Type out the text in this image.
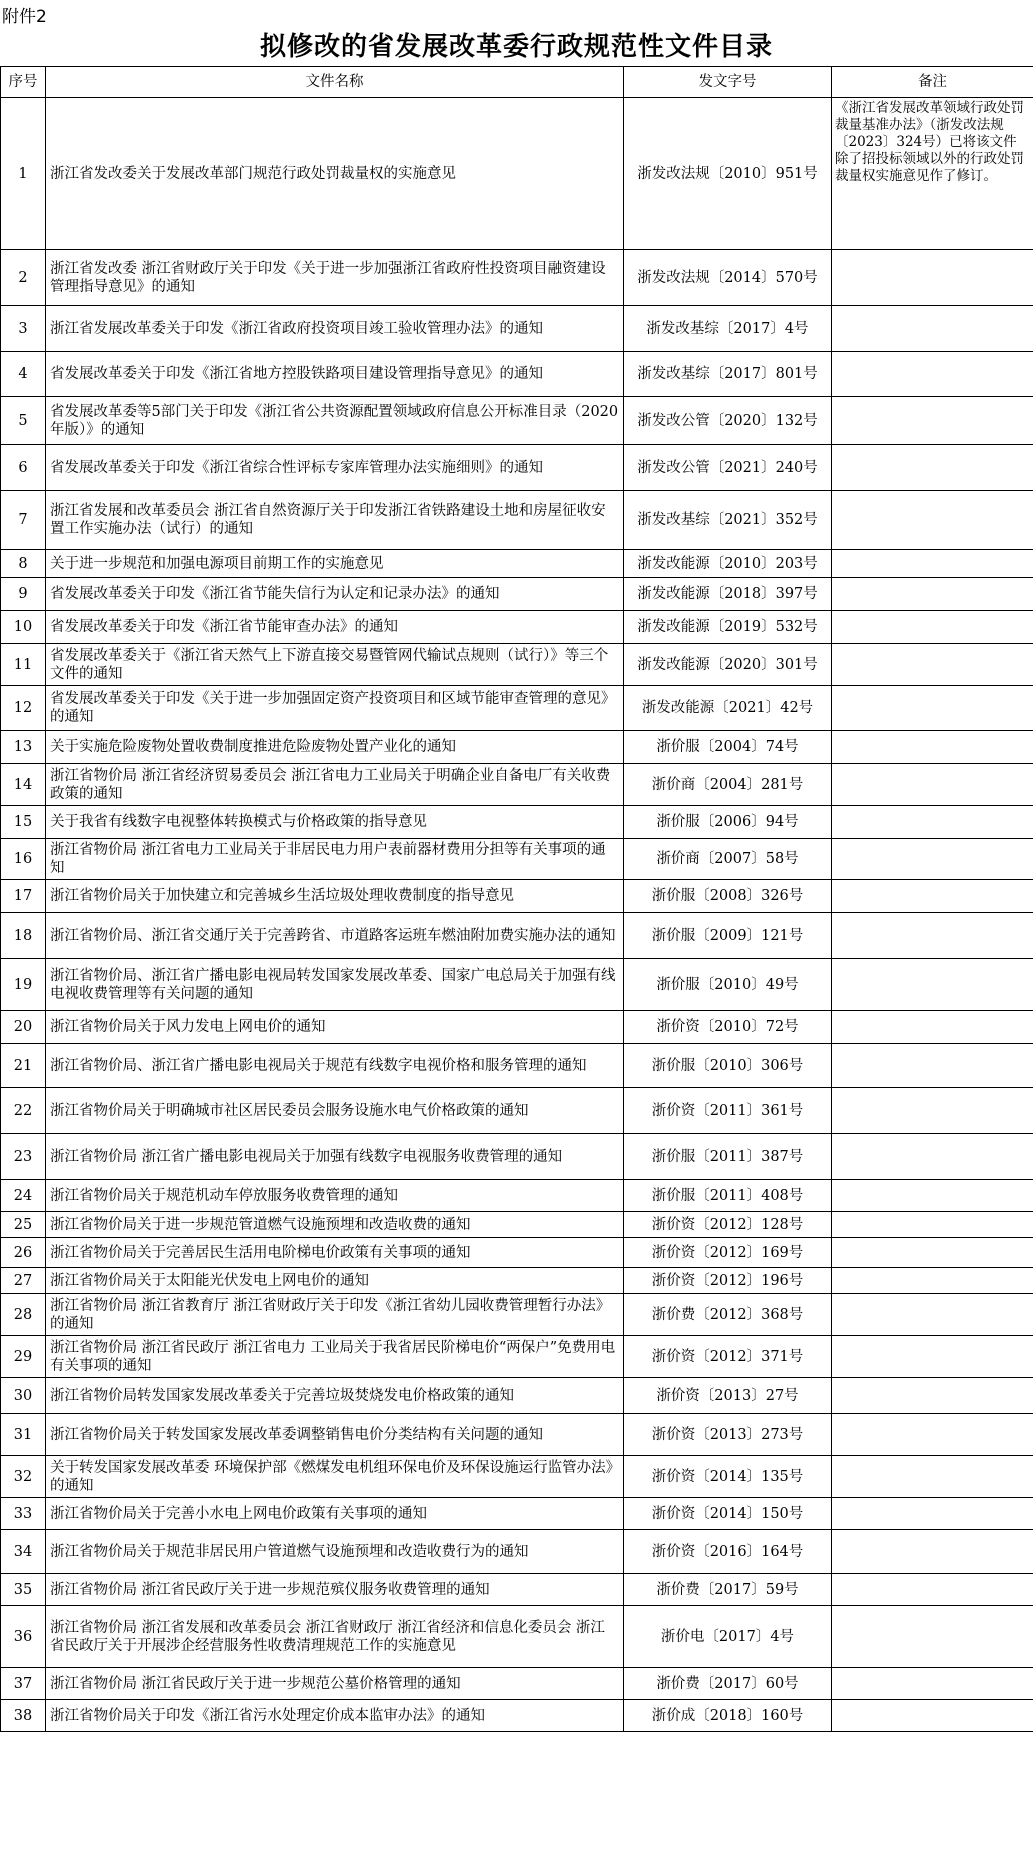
附件2
拟修改的省发展改革委行政规范性文件目录
序号	文件名称	发文字号	备注
1	浙江省发改委关于发展改革部门规范行政处罚裁量权的实施意见	浙发改法规〔2010〕951号	《浙江省发展改革领域行政处罚裁量基准办法》（浙发改法规〔2023〕324号）已将该文件除了招投标领域以外的行政处罚裁量权实施意见作了修订。
2	浙江省发改委 浙江省财政厅关于印发《关于进一步加强浙江省政府性投资项目融资建设管理指导意见》的通知	浙发改法规〔2014〕570号	
3	浙江省发展改革委关于印发《浙江省政府投资项目竣工验收管理办法》的通知	浙发改基综〔2017〕4号	
4	省发展改革委关于印发《浙江省地方控股铁路项目建设管理指导意见》的通知	浙发改基综〔2017〕801号	
5	省发展改革委等5部门关于印发《浙江省公共资源配置领域政府信息公开标准目录（2020年版）》的通知	浙发改公管〔2020〕132号	
6	省发展改革委关于印发《浙江省综合性评标专家库管理办法实施细则》的通知	浙发改公管〔2021〕240号	
7	浙江省发展和改革委员会 浙江省自然资源厅关于印发浙江省铁路建设土地和房屋征收安置工作实施办法（试行）的通知	浙发改基综〔2021〕352号	
8	关于进一步规范和加强电源项目前期工作的实施意见	浙发改能源〔2010〕203号	
9	省发展改革委关于印发《浙江省节能失信行为认定和记录办法》的通知	浙发改能源〔2018〕397号	
10	省发展改革委关于印发《浙江省节能审查办法》的通知	浙发改能源〔2019〕532号	
11	省发展改革委关于《浙江省天然气上下游直接交易暨管网代输试点规则（试行）》等三个文件的通知	浙发改能源〔2020〕301号	
12	省发展改革委关于印发《关于进一步加强固定资产投资项目和区域节能审查管理的意见》的通知	浙发改能源〔2021〕42号	
13	关于实施危险废物处置收费制度推进危险废物处置产业化的通知	浙价服〔2004〕74号	
14	浙江省物价局 浙江省经济贸易委员会 浙江省电力工业局关于明确企业自备电厂有关收费政策的通知	浙价商〔2004〕281号	
15	关于我省有线数字电视整体转换模式与价格政策的指导意见	浙价服〔2006〕94号	
16	浙江省物价局 浙江省电力工业局关于非居民电力用户表前器材费用分担等有关事项的通知	浙价商〔2007〕58号	
17	浙江省物价局关于加快建立和完善城乡生活垃圾处理收费制度的指导意见	浙价服〔2008〕326号	
18	浙江省物价局、浙江省交通厅关于完善跨省、市道路客运班车燃油附加费实施办法的通知	浙价服〔2009〕121号	
19	浙江省物价局、浙江省广播电影电视局转发国家发展改革委、国家广电总局关于加强有线电视收费管理等有关问题的通知	浙价服〔2010〕49号	
20	浙江省物价局关于风力发电上网电价的通知	浙价资〔2010〕72号	
21	浙江省物价局、浙江省广播电影电视局关于规范有线数字电视价格和服务管理的通知	浙价服〔2010〕306号	
22	浙江省物价局关于明确城市社区居民委员会服务设施水电气价格政策的通知	浙价资〔2011〕361号	
23	浙江省物价局 浙江省广播电影电视局关于加强有线数字电视服务收费管理的通知	浙价服〔2011〕387号	
24	浙江省物价局关于规范机动车停放服务收费管理的通知	浙价服〔2011〕408号	
25	浙江省物价局关于进一步规范管道燃气设施预埋和改造收费的通知	浙价资〔2012〕128号	
26	浙江省物价局关于完善居民生活用电阶梯电价政策有关事项的通知	浙价资〔2012〕169号	
27	浙江省物价局关于太阳能光伏发电上网电价的通知	浙价资〔2012〕196号	
28	浙江省物价局 浙江省教育厅 浙江省财政厅关于印发《浙江省幼儿园收费管理暂行办法》的通知	浙价费〔2012〕368号	
29	浙江省物价局 浙江省民政厅 浙江省电力 工业局关于我省居民阶梯电价“两保户”免费用电有关事项的通知	浙价资〔2012〕371号	
30	浙江省物价局转发国家发展改革委关于完善垃圾焚烧发电价格政策的通知	浙价资〔2013〕27号	
31	浙江省物价局关于转发国家发展改革委调整销售电价分类结构有关问题的通知	浙价资〔2013〕273号	
32	关于转发国家发展改革委 环境保护部《燃煤发电机组环保电价及环保设施运行监管办法》的通知	浙价资〔2014〕135号	
33	浙江省物价局关于完善小水电上网电价政策有关事项的通知	浙价资〔2014〕150号	
34	浙江省物价局关于规范非居民用户管道燃气设施预埋和改造收费行为的通知	浙价资〔2016〕164号	
35	浙江省物价局 浙江省民政厅关于进一步规范殡仪服务收费管理的通知	浙价费〔2017〕59号	
36	浙江省物价局 浙江省发展和改革委员会 浙江省财政厅 浙江省经济和信息化委员会 浙江省民政厅关于开展涉企经营服务性收费清理规范工作的实施意见	浙价电〔2017〕4号	
37	浙江省物价局 浙江省民政厅关于进一步规范公墓价格管理的通知	浙价费〔2017〕60号	
38	浙江省物价局关于印发《浙江省污水处理定价成本监审办法》的通知	浙价成〔2018〕160号	
